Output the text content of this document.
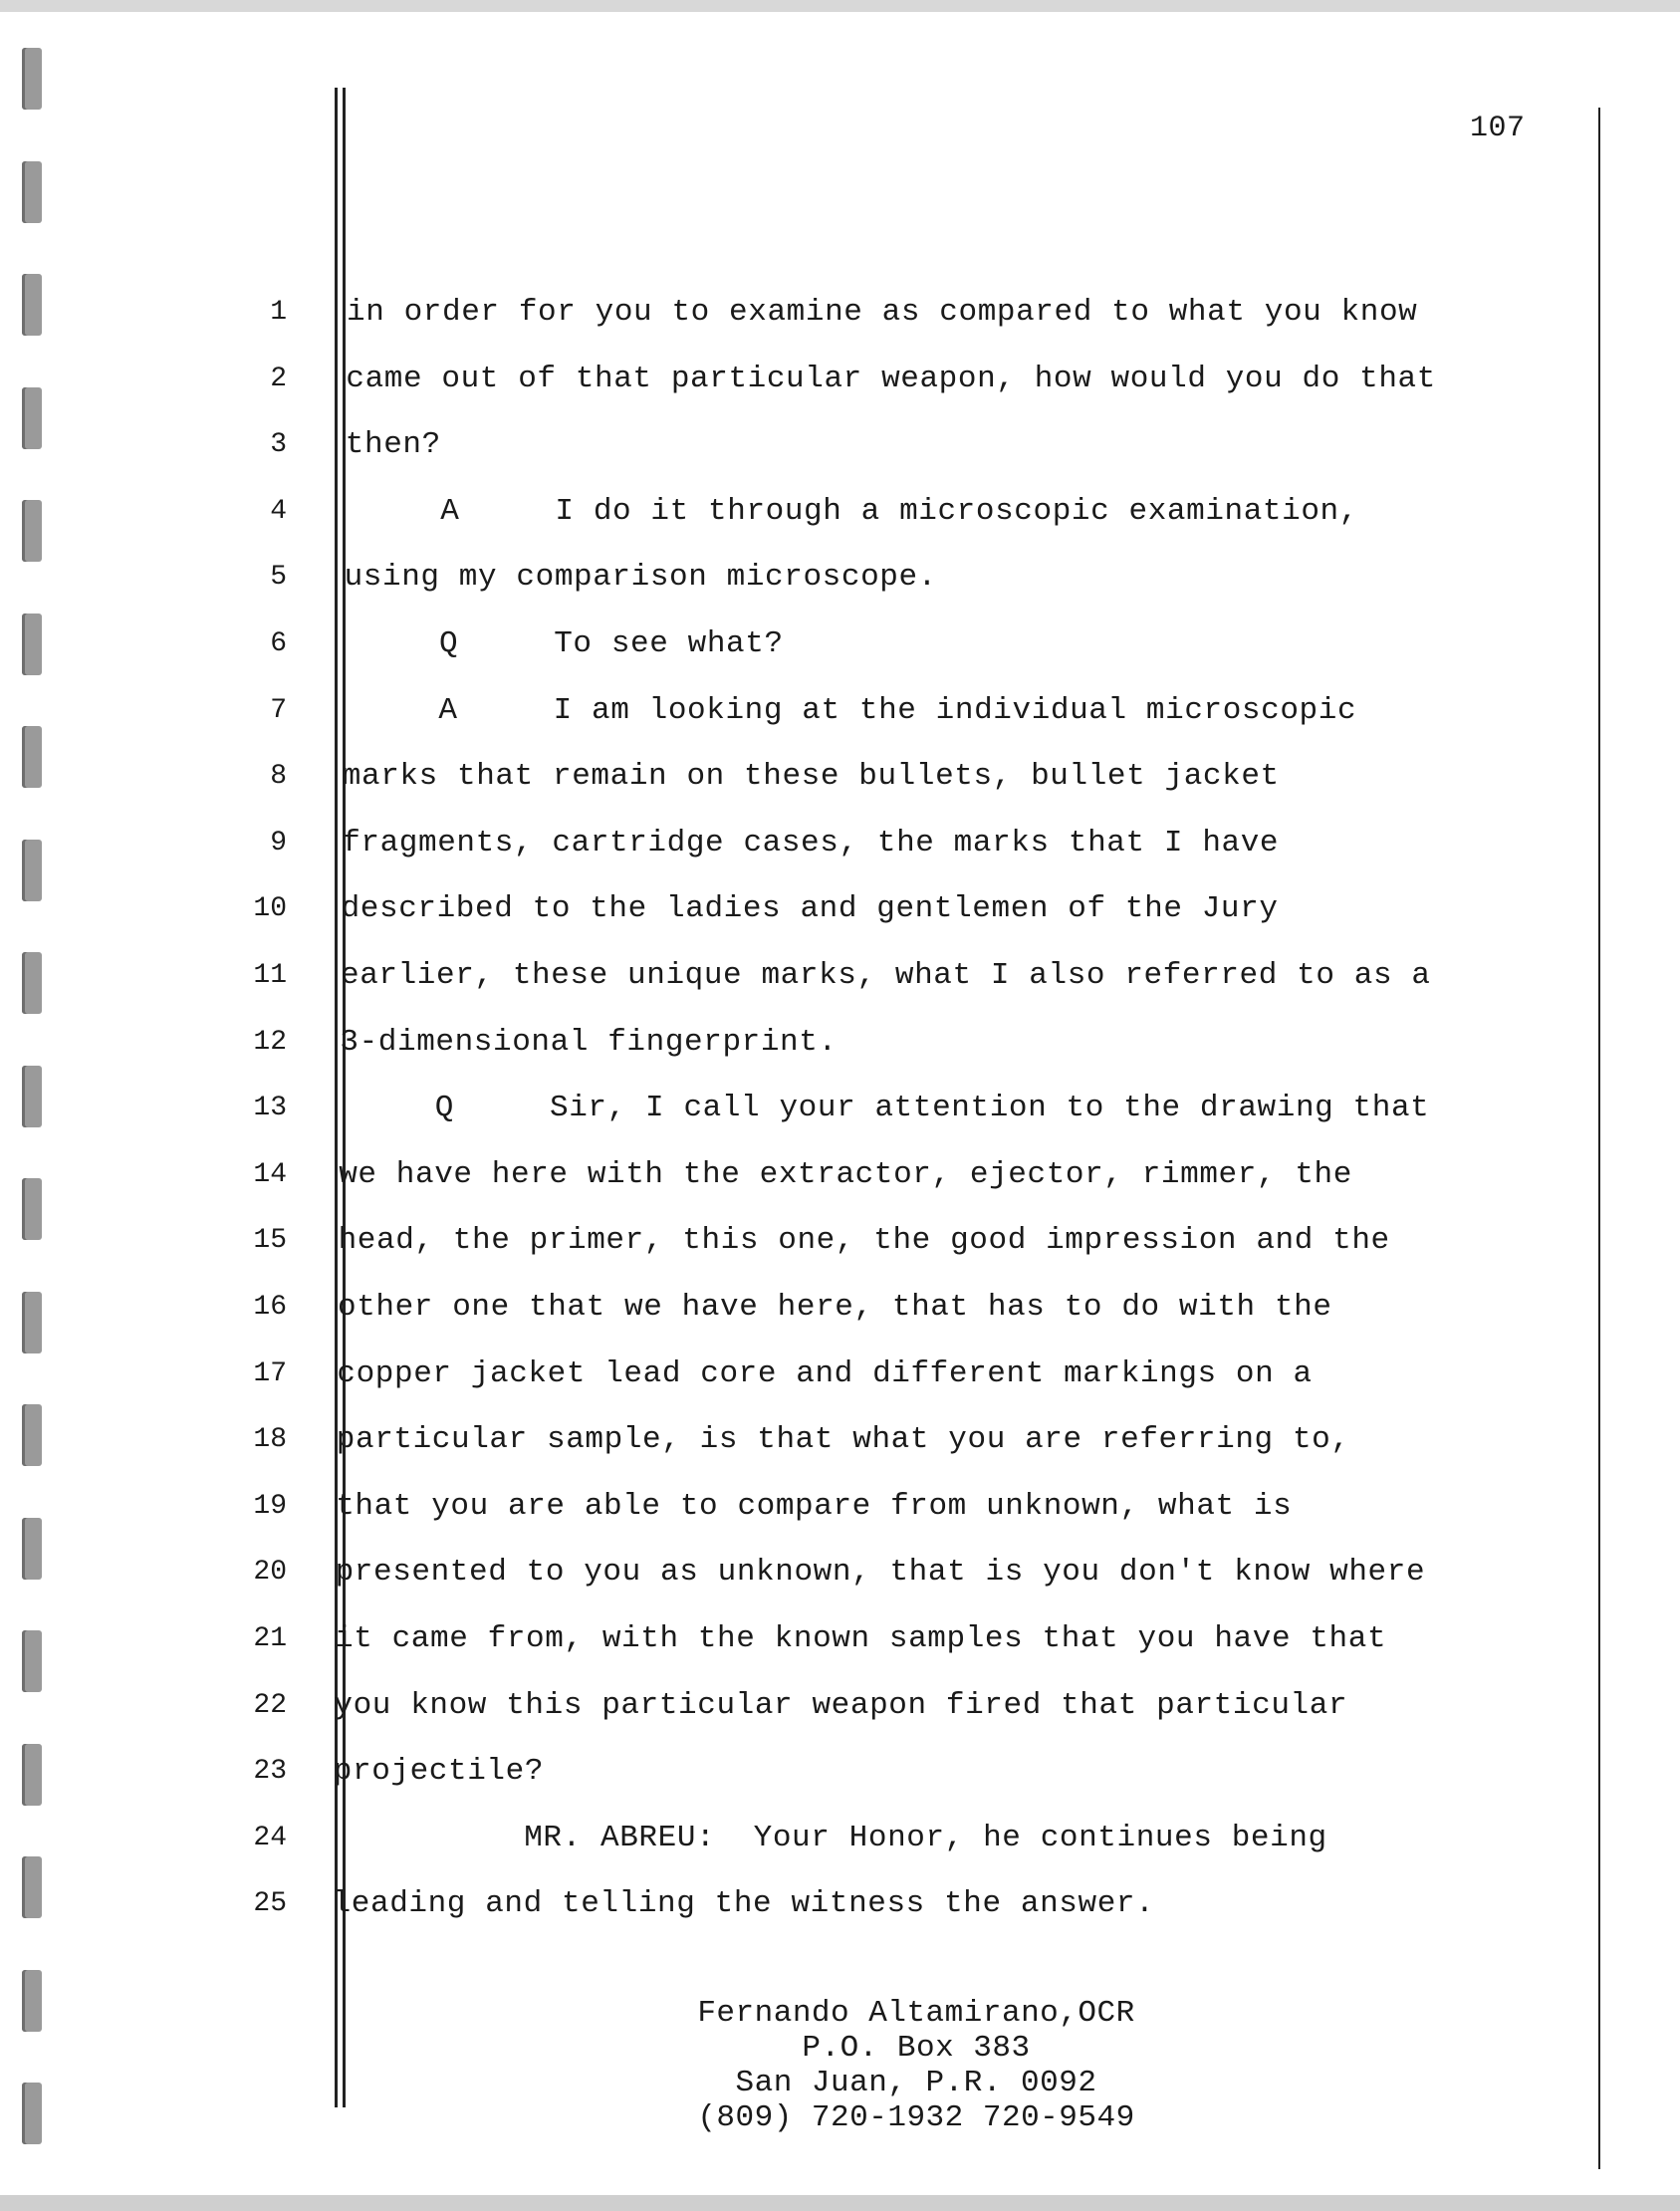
107
1 in order for you to examine as compared to what you know
2 came out of that particular weapon, how would you do that
3 then?
4 A     I do it through a microscopic examination,
5 using my comparison microscope.
6 Q     To see what?
7 A     I am looking at the individual microscopic
8 marks that remain on these bullets, bullet jacket
9 fragments, cartridge cases, the marks that I have
10 described to the ladies and gentlemen of the Jury
11 earlier, these unique marks, what I also referred to as a
12 3-dimensional fingerprint.
13 Q     Sir, I call your attention to the drawing that
14 we have here with the extractor, ejector, rimmer, the
15 head, the primer, this one, the good impression and the
16 other one that we have here, that has to do with the
17 copper jacket lead core and different markings on a
18 particular sample, is that what you are referring to,
19 that you are able to compare from unknown, what is
20 presented to you as unknown, that is you don't know where
21 it came from, with the known samples that you have that
22 you know this particular weapon fired that particular
23 projectile?
24 MR. ABREU:  Your Honor, he continues being
25 leading and telling the witness the answer.
Fernando Altamirano,OCR
P.O. Box 383
San Juan, P.R. 0092
(809) 720-1932 720-9549
